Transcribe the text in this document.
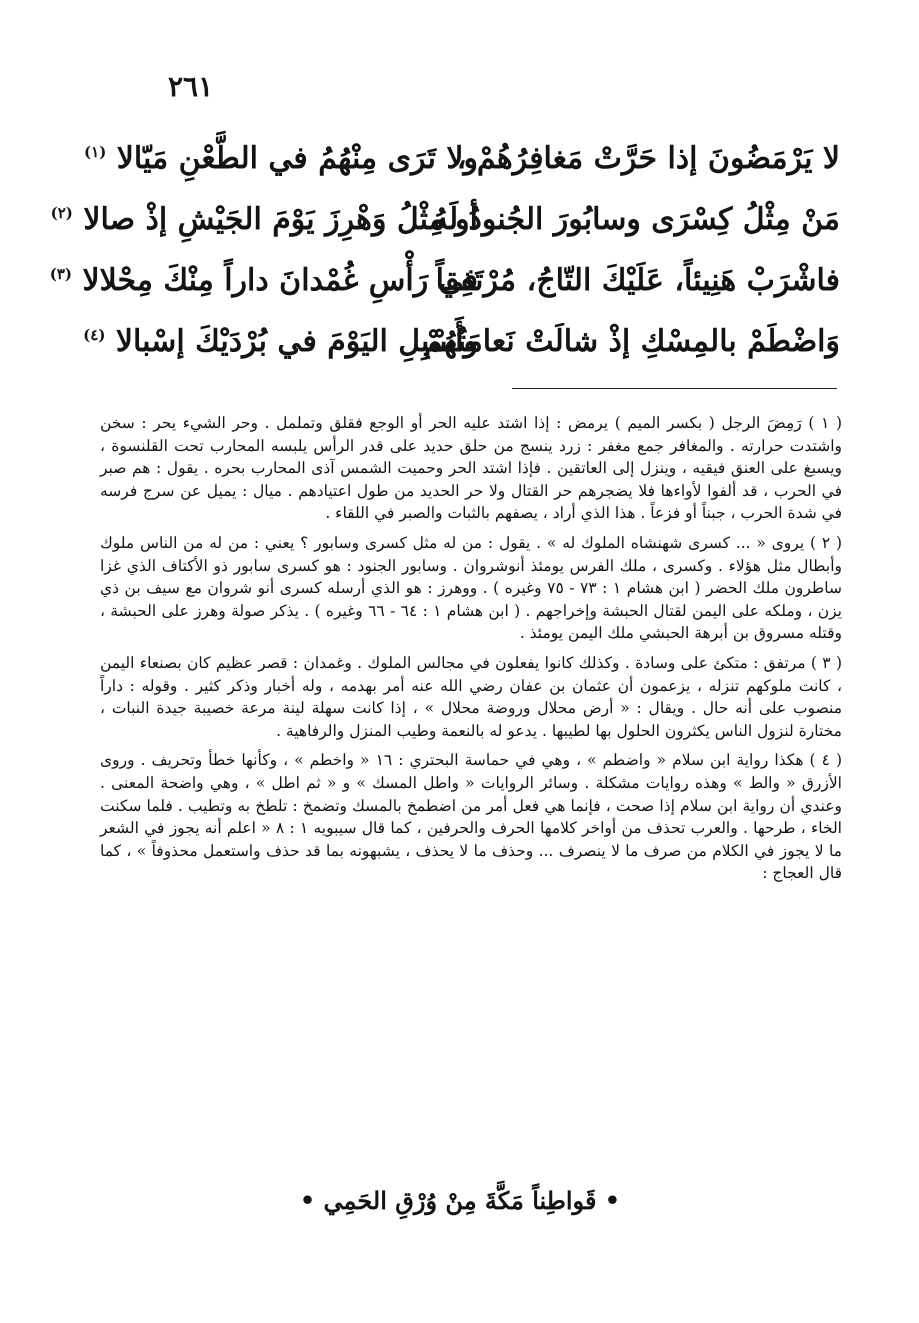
٢٦١
لا يَرْمَضُونَ إذا حَرَّتْ مَغافِرُهُمْ ،
ولا تَرَى مِنْهُمُ في الطَّعْنِ مَيّالا $^{(١)}$
مَنْ مِثْلُ كِسْرَى وسابُورَ الجُنودُ لَهُ
أو مِثْلُ وَهْرِزَ يَوْمَ الجَيْشِ إذْ صالا $^{(٢)}$
فاشْرَبْ هَنِيئاً، عَلَيْكَ التّاجُ، مُرْتَفِقاً
في رَأْسِ غُمْدانَ داراً مِنْكَ مِحْلالا $^{(٣)}$
وَاضْطَمْ بالمِسْكِ إذْ شالَتْ نَعامَتُهُمْ
وأَسْبِلِ اليَوْمَ في بُرْدَيْكَ إسْبالا $^{(٤)}$

( ١ ) رَمِضَ الرجل ( بكسر الميم ) يرمض : إذا اشتد عليه الحر أو الوجع فقلق وتململ . وحر الشيء يحر : سخن واشتدت حرارته . والمغافر جمع مغفر : زرد ينسج من حلق حديد على قدر الرأس يلبسه المحارب تحت القلنسوة ، ويسبغ على العنق فيقيه ، وينزل إلى العاتقين . فإذا اشتد الحر وحميت الشمس آذى المحارب بحره . يقول : هم صبر في الحرب ، قد ألفوا لأواءها فلا يضجرهم حر القتال ولا حر الحديد من طول اعتيادهم . ميال : يميل عن سرج فرسه في شدة الحرب ، جبناً أو فزعاً . هذا الذي أراد ، يصفهم بالثبات والصبر في اللقاء .

( ٢ ) يروى « ... كسرى شهنشاه الملوك له » . يقول : من له مثل كسرى وسابور ؟ يعني : من له من الناس ملوك وأبطال مثل هؤلاء . وكسرى ، ملك الفرس يومئذ أنوشروان . وسابور الجنود : هو كسرى سابور ذو الأكتاف الذي غزا ساطرون ملك الحضر ( ابن هشام ١ : ٧٣ - ٧٥ وغيره ) . ووهرز : هو الذي أرسله كسرى أنو شروان مع سيف بن ذي يزن ، وملكه على اليمن لقتال الحبشة وإخراجهم . ( ابن هشام ١ : ٦٤ - ٦٦ وغيره ) . يذكر صولة وهرز على الحبشة ، وقتله مسروق بن أبرهة الحبشي ملك اليمن يومئذ .

( ٣ ) مرتفق : متكئ على وسادة . وكذلك كانوا يفعلون في مجالس الملوك . وغمدان : قصر عظيم كان بصنعاء اليمن ، كانت ملوكهم تنزله ، يزعمون أن عثمان بن عفان رضي الله عنه أمر بهدمه ، وله أخبار وذكر كثير . وقوله : داراً منصوب على أنه حال . ويقال : « أرض محلال وروضة محلال » ، إذا كانت سهلة لينة مرعة خصيبة جيدة النبات ، مختارة لنزول الناس يكثرون الحلول بها لطيبها . يدعو له بالنعمة وطيب المنزل والرفاهية .

( ٤ ) هكذا رواية ابن سلام « واضطم » ، وهي في حماسة البحتري : ١٦ « واخطم » ، وكأنها خطأ وتحريف . وروى الأزرق « والط » وهذه روايات مشكلة . وسائر الروايات « واطل المسك » و « ثم اطل » ، وهي واضحة المعنى . وعندي أن رواية ابن سلام إذا صحت ، فإنما هي فعل أمر من اضطمخ بالمسك وتضمخ : تلطخ به وتطيب . فلما سكنت الخاء ، طرحها . والعرب تحذف من أواخر كلامها الحرف والحرفين ، كما قال سيبويه ١ : ٨ « اعلم أنه يجوز في الشعر ما لا يجوز في الكلام من صرف ما لا ينصرف ... وحذف ما لا يحذف ، يشبهونه بما قد حذف واستعمل محذوفاً » ، كما قال العجاج :

• قَواطِناً مَكَّةَ مِنْ وُرْقِ الحَمِي •
